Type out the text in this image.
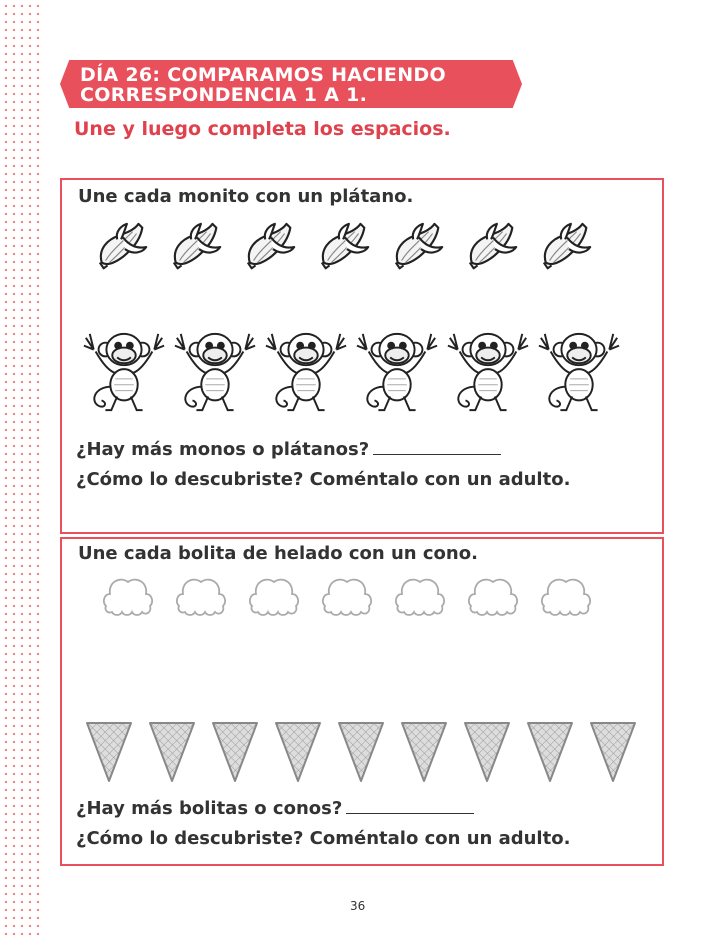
DÍA 26: COMPARAMOS HACIENDO
CORRESPONDENCIA 1 A 1.
Une y luego completa los espacios.
Une cada monito con un plátano.
¿Hay más monos o plátanos?
¿Cómo lo descubriste? Coméntalo con un adulto.
Une cada bolita de helado con un cono.
¿Hay más bolitas o conos?
¿Cómo lo descubriste? Coméntalo con un adulto.
36
